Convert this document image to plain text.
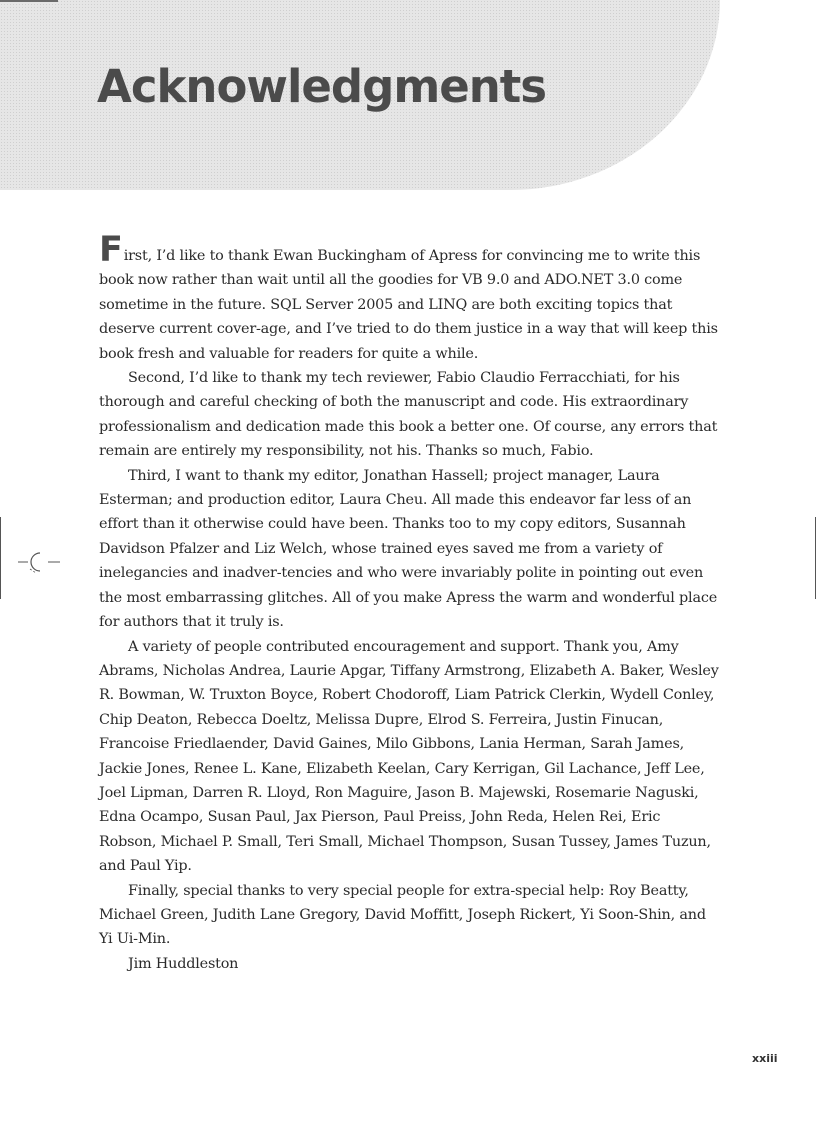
Acknowledgments

First, I’d like to thank Ewan Buckingham of Apress for convincing me to write this book now rather than wait until all the goodies for VB 9.0 and ADO.NET 3.0 come sometime in the future. SQL Server 2005 and LINQ are both exciting topics that deserve current cover-age, and I’ve tried to do them justice in a way that will keep this book fresh and valuable for readers for quite a while.

Second, I’d like to thank my tech reviewer, Fabio Claudio Ferracchiati, for his thorough and careful checking of both the manuscript and code. His extraordinary professionalism and dedication made this book a better one. Of course, any errors that remain are entirely my responsibility, not his. Thanks so much, Fabio.

Third, I want to thank my editor, Jonathan Hassell; project manager, Laura Esterman; and production editor, Laura Cheu. All made this endeavor far less of an effort than it otherwise could have been. Thanks too to my copy editors, Susannah Davidson Pfalzer and Liz Welch, whose trained eyes saved me from a variety of inelegancies and inadver-tencies and who were invariably polite in pointing out even the most embarrassing glitches. All of you make Apress the warm and wonderful place for authors that it truly is.

A variety of people contributed encouragement and support. Thank you, Amy Abrams, Nicholas Andrea, Laurie Apgar, Tiffany Armstrong, Elizabeth A. Baker, Wesley R. Bowman, W. Truxton Boyce, Robert Chodoroff, Liam Patrick Clerkin, Wydell Conley, Chip Deaton, Rebecca Doeltz, Melissa Dupre, Elrod S. Ferreira, Justin Finucan, Francoise Friedlaender, David Gaines, Milo Gibbons, Lania Herman, Sarah James, Jackie Jones, Renee L. Kane, Elizabeth Keelan, Cary Kerrigan, Gil Lachance, Jeff Lee, Joel Lipman, Darren R. Lloyd, Ron Maguire, Jason B. Majewski, Rosemarie Naguski, Edna Ocampo, Susan Paul, Jax Pierson, Paul Preiss, John Reda, Helen Rei, Eric Robson, Michael P. Small, Teri Small, Michael Thompson, Susan Tussey, James Tuzun, and Paul Yip.

Finally, special thanks to very special people for extra-special help: Roy Beatty, Michael Green, Judith Lane Gregory, David Moffitt, Joseph Rickert, Yi Soon-Shin, and Yi Ui-Min.

Jim Huddleston

xxiii
